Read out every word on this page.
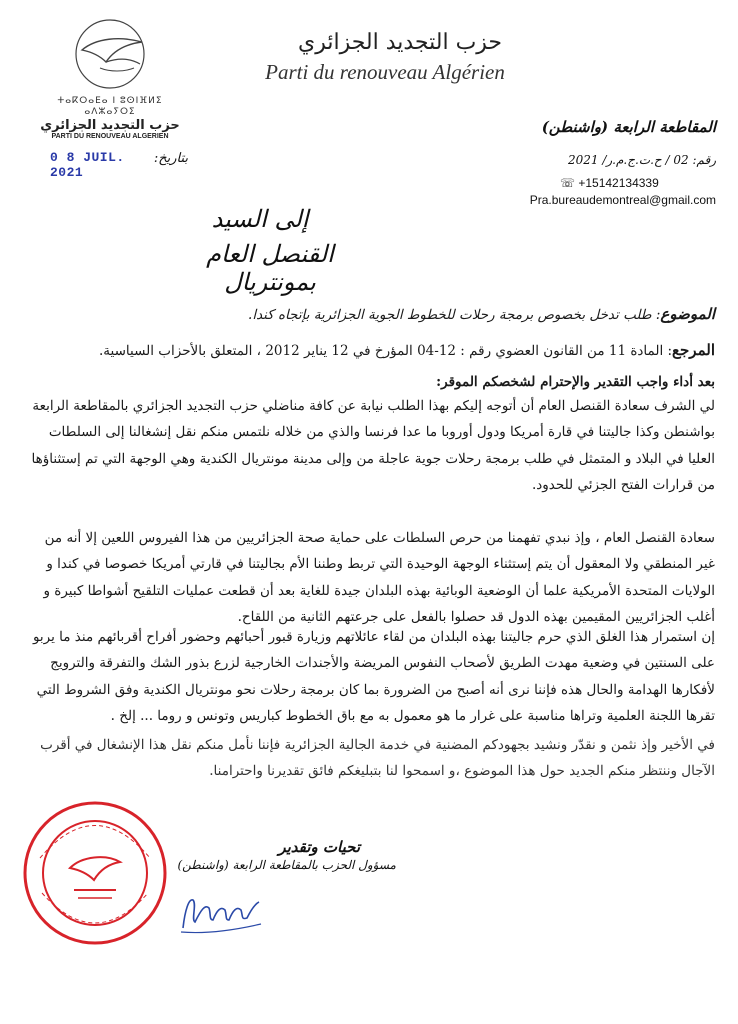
ⵜⴰⴽⵔⴰⴹⴰ ⵏ ⵓⵙⵏⴼⵍⵉ ⴰⴷⵣⴰⵢⵔⵉ
حزب التجديد الجزائري
PARTI DU RENOUVEAU ALGERIEN
حزب التجديد الجزائري
Parti du renouveau Algérien
المقاطعة الرابعة (واشنطن)
بتاريخ:
0 8 JUIL. 2021
رقم: 02 / ح.ت.ج.م.ر/ 2021
☏ +15142134339
Pra.bureaudemontreal@gmail.com
إلى السيد
القنصل العام بمونتريال
الموضوع: طلب تدخل بخصوص برمجة رحلات للخطوط الجوية الجزائرية بإتجاه كندا.
المرجع: المادة 11 من القانون العضوي رقم : 12-04 المؤرخ في 12 يناير 2012 ، المتعلق بالأحزاب السياسية.
بعد أداء واجب التقدير والإحترام لشخصكم الموقر:
لي الشرف سعادة القنصل العام أن أتوجه إليكم بهذا الطلب نيابة عن كافة مناضلي حزب التجديد الجزائري بالمقاطعة الرابعة بواشنطن وكذا جاليتنا في قارة أمريكا ودول أوروبا ما عدا فرنسا والذي من خلاله نلتمس منكم نقل إنشغالنا إلى السلطات العليا في البلاد و المتمثل في طلب برمجة رحلات جوية عاجلة من وإلى مدينة مونتريال الكندية وهي الوجهة التي تم إستثناؤها من قرارات الفتح الجزئي للحدود.
سعادة القنصل العام ، وإذ نبدي تفهمنا من حرص السلطات على حماية صحة الجزائريين من هذا الفيروس اللعين إلا أنه من غير المنطقي ولا المعقول أن يتم إستثناء الوجهة الوحيدة التي تربط وطننا الأم بجاليتنا في قارتي أمريكا خصوصا في كندا و الولايات المتحدة الأمريكية علما أن الوضعية الوبائية بهذه البلدان جيدة للغاية بعد أن قطعت عمليات التلقيح أشواطا كبيرة و أغلب الجزائريين المقيمين بهذه الدول قد حصلوا بالفعل على جرعتهم الثانية من اللقاح.
إن استمرار هذا الغلق الذي حرم جاليتنا بهذه البلدان من لقاء عائلاتهم وزيارة قبور أحبائهم وحضور أفراح أقربائهم منذ ما يربو على السنتين في وضعية مهدت الطريق لأصحاب النفوس المريضة والأجندات الخارجية لزرع بذور الشك والتفرقة والترويج لأفكارها الهدامة والحال هذه فإننا نرى أنه أصبح من الضرورة بما كان برمجة رحلات نحو مونتريال الكندية وفق الشروط التي تقرها اللجنة العلمية وتراها مناسبة على غرار ما هو معمول به مع باق الخطوط كباريس وتونس و روما ... إلخ .
في الأخير وإذ نثمن و نقدّر ونشيد بجهودكم المضنية في خدمة الجالية الجزائرية فإننا نأمل منكم نقل هذا الإنشغال في أقرب الآجال وننتظر منكم الجديد حول هذا الموضوع ،و اسمحوا لنا بتبليغكم فائق تقديرنا واحترامنا.
تحيات وتقدير
مسؤول الحزب بالمقاطعة الرابعة (واشنطن)
